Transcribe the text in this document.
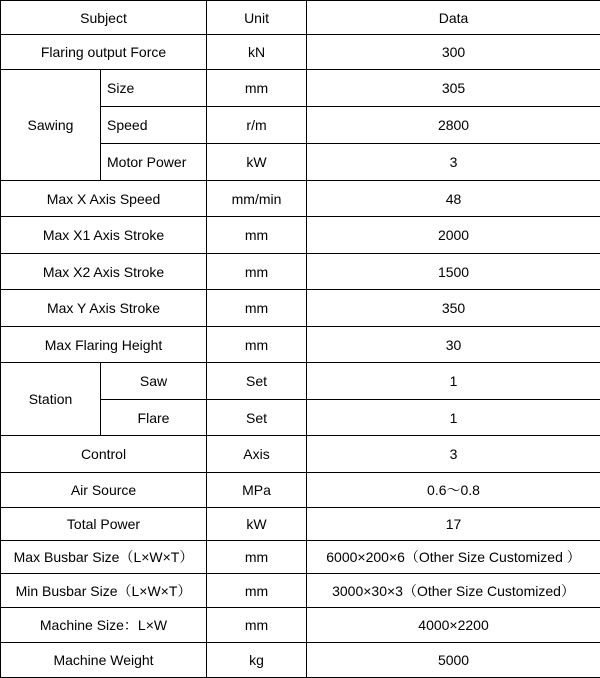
Subject		Unit	Data
Flaring output Force		kN	300
Sawing	Size	mm	305
	Speed	r/m	2800
	Motor Power	kW	3
Max X Axis Speed		mm/min	48
Max X1 Axis Stroke		mm	2000
Max X2 Axis Stroke		mm	1500
Max Y Axis Stroke		mm	350
Max Flaring Height		mm	30
Station	Saw	Set	1
	Flare	Set	1
Control		Axis	3
Air Source		MPa	0.6～0.8
Total Power		kW	17
Max Busbar Size（L×W×T）		mm	6000×200×6（Other Size Customized ）
Min Busbar Size（L×W×T）		mm	3000×30×3（Other Size Customized）
Machine Size：L×W		mm	4000×2200
Machine Weight		kg	5000
